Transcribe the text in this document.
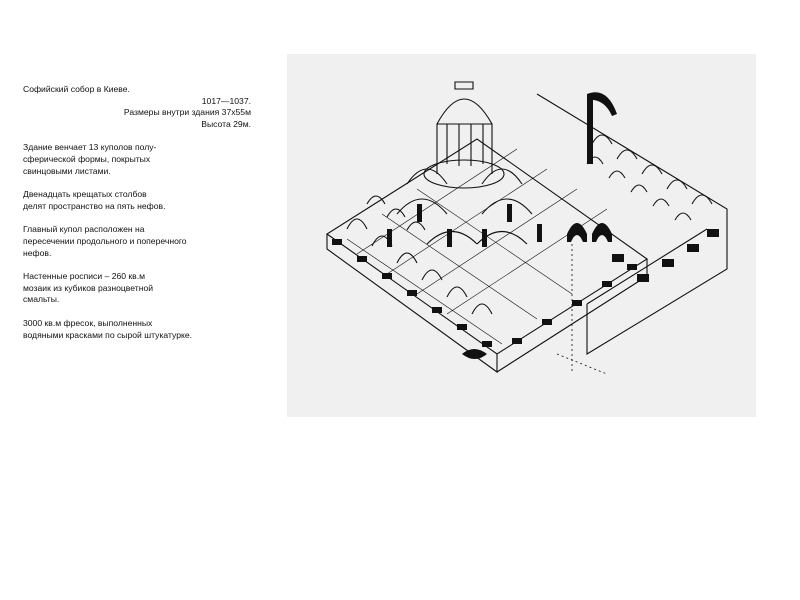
Софийский собор в Киеве.

1017—1037.

Размеры внутри здания 37х55м

Высота 29м.

Здание венчает 13 куполов полу-

сферической формы, покрытых

свинцовыми листами.

Двенадцать крещатых столбов

делят пространство на пять нефов.

Главный купол расположен на

пересечении продольного и поперечного

нефов.

Настенные росписи – 260 кв.м

мозаик из кубиков разноцветной

смальты.

3000 кв.м фресок, выполненных

водяными красками по сырой штукатурке.
